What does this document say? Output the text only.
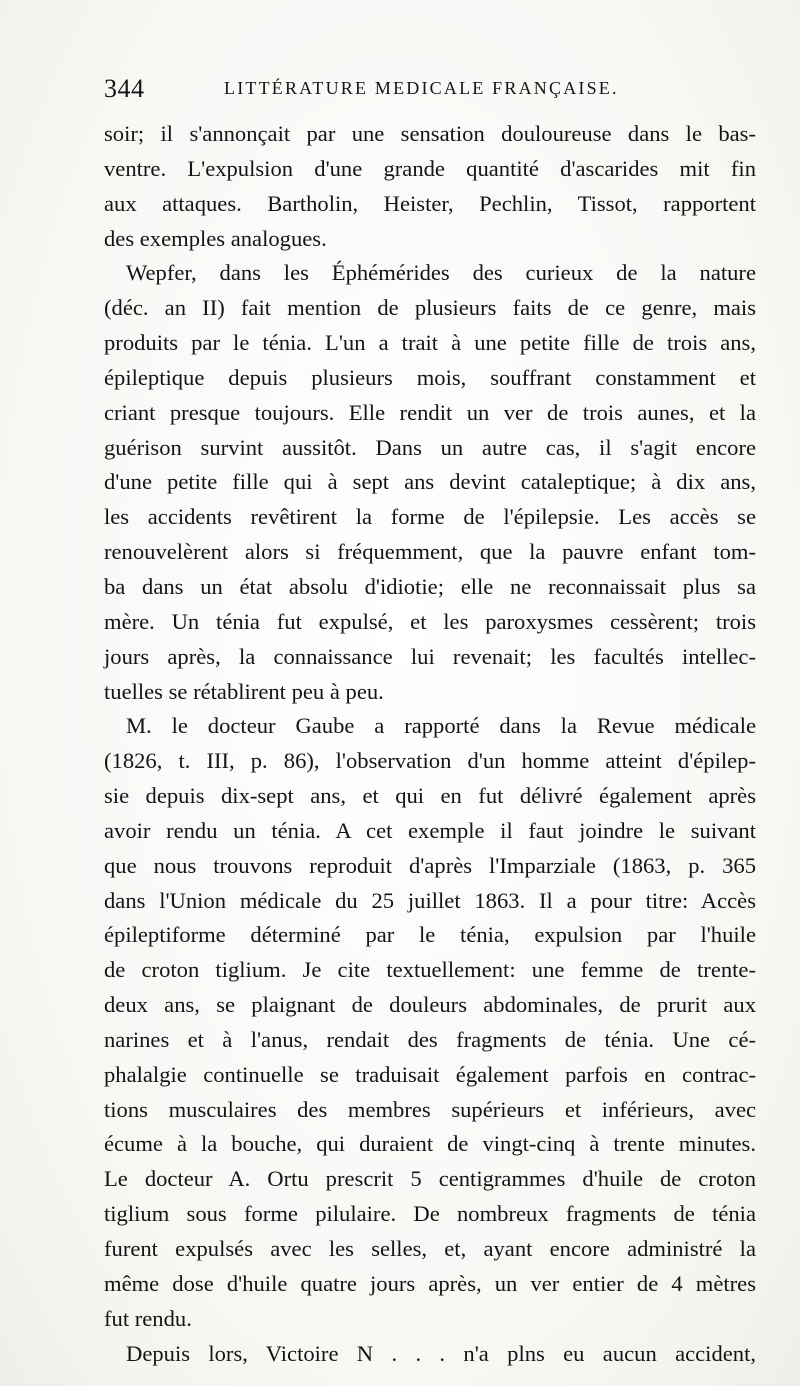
344	LITTÉRATURE MEDICALE FRANÇAISE.
soir; il s'annonçait par une sensation douloureuse dans le bas-
ventre. L'expulsion d'une grande quantité d'ascarides mit fin
aux attaques. Bartholin, Heister, Pechlin, Tissot, rapportent
des exemples analogues.
Wepfer, dans les Éphémérides des curieux de la nature
(déc. an II) fait mention de plusieurs faits de ce genre, mais
produits par le ténia. L'un a trait à une petite fille de trois ans,
épileptique depuis plusieurs mois, souffrant constamment et
criant presque toujours. Elle rendit un ver de trois aunes, et la
guérison survint aussitôt. Dans un autre cas, il s'agit encore
d'une petite fille qui à sept ans devint cataleptique; à dix ans,
les accidents revêtirent la forme de l'épilepsie. Les accès se
renouvelèrent alors si fréquemment, que la pauvre enfant tom-
ba dans un état absolu d'idiotie; elle ne reconnaissait plus sa
mère. Un ténia fut expulsé, et les paroxysmes cessèrent; trois
jours après, la connaissance lui revenait; les facultés intellec-
tuelles se rétablirent peu à peu.
M. le docteur Gaube a rapporté dans la Revue médicale
(1826, t. III, p. 86), l'observation d'un homme atteint d'épilep-
sie depuis dix-sept ans, et qui en fut délivré également après
avoir rendu un ténia. A cet exemple il faut joindre le suivant
que nous trouvons reproduit d'après l'Imparziale (1863, p. 365
dans l'Union médicale du 25 juillet 1863. Il a pour titre: Accès
épileptiforme déterminé par le ténia, expulsion par l'huile
de croton tiglium. Je cite textuellement: une femme de trente-
deux ans, se plaignant de douleurs abdominales, de prurit aux
narines et à l'anus, rendait des fragments de ténia. Une cé-
phalalgie continuelle se traduisait également parfois en contrac-
tions musculaires des membres supérieurs et inférieurs, avec
écume à la bouche, qui duraient de vingt-cinq à trente minutes.
Le docteur A. Ortu prescrit 5 centigrammes d'huile de croton
tiglium sous forme pilulaire. De nombreux fragments de ténia
furent expulsés avec les selles, et, ayant encore administré la
même dose d'huile quatre jours après, un ver entier de 4 mètres
fut rendu.
Depuis lors, Victoire N . . . n'a plns eu aucun accident,
